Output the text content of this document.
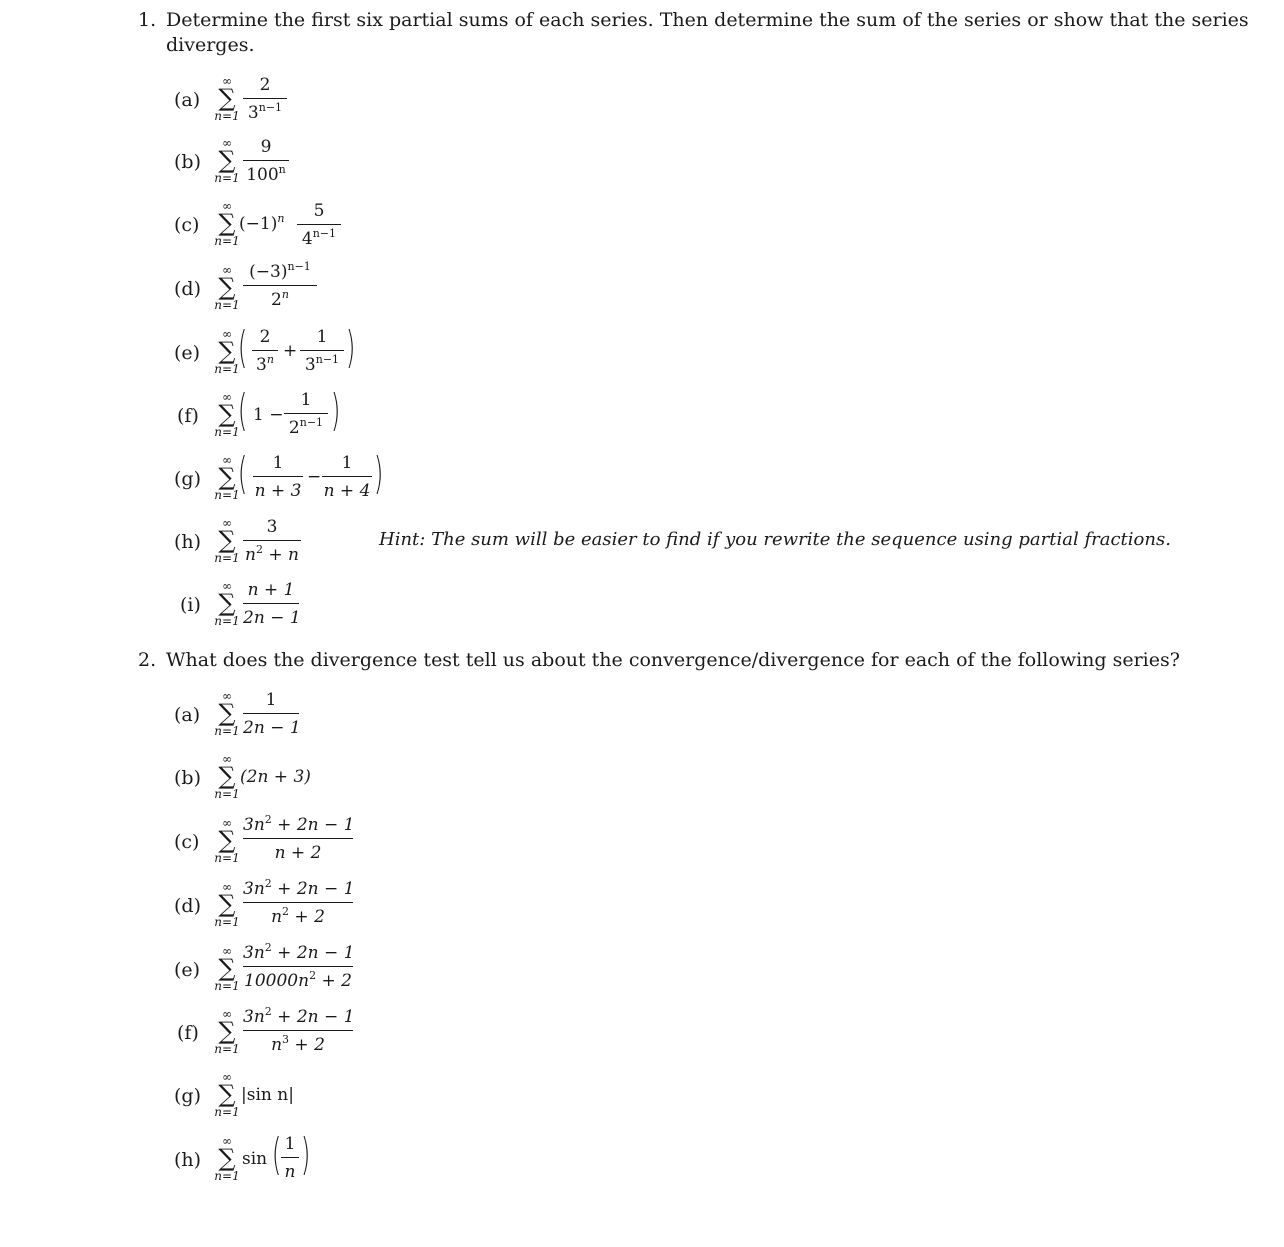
1. Determine the first six partial sums of each series. Then determine the sum of the series or show that the series
diverges.
(a)
∞
∑
n=1
2
$3^{n-1}$
(b)
∞
∑
n=1
9
100$^n$
(c)
∞
∑
n=1
$(-1)^n$	5
$4^{n-1}$
(d)
∞
∑
n=1
$(-3)^{n-1}$
2$^n$
(e)
∞
∑
n=1
( 2
$3^n$ +
1
$3^{n-1}$ )
(f)
∞
∑
n=1
( 1 −
1
$2^{n-1}$ )
(g)
∞
∑
n=1
(	1
n + 3
−
1
n + 4 )
(h)
∞
∑
n=1
3
$n^2 + n$
Hint: The sum will be easier to find if you rewrite the sequence using partial fractions.
(i)
∞
∑
n=1
n + 1
2n − 1
2. What does the divergence test tell us about the convergence/divergence for each of the following series?
(a)
∞
∑
n=1
1
2n − 1
(b)
∞
∑
n=1
(2n + 3)
(c)
∞
∑
n=1
$3n^2 + 2n - 1$
n + 2
(d)
∞
∑
n=1
$3n^2 + 2n - 1$
$n^2 + 2$
(e)
∞
∑
n=1
$3n^2 + 2n - 1$
$10000n^2 + 2$
(f)
∞
∑
n=1
$3n^2 + 2n - 1$
$n^3 + 2$
(g)
∞
∑
n=1
|sin n|
(h)
∞
∑
n=1
sin ( 1
n )
